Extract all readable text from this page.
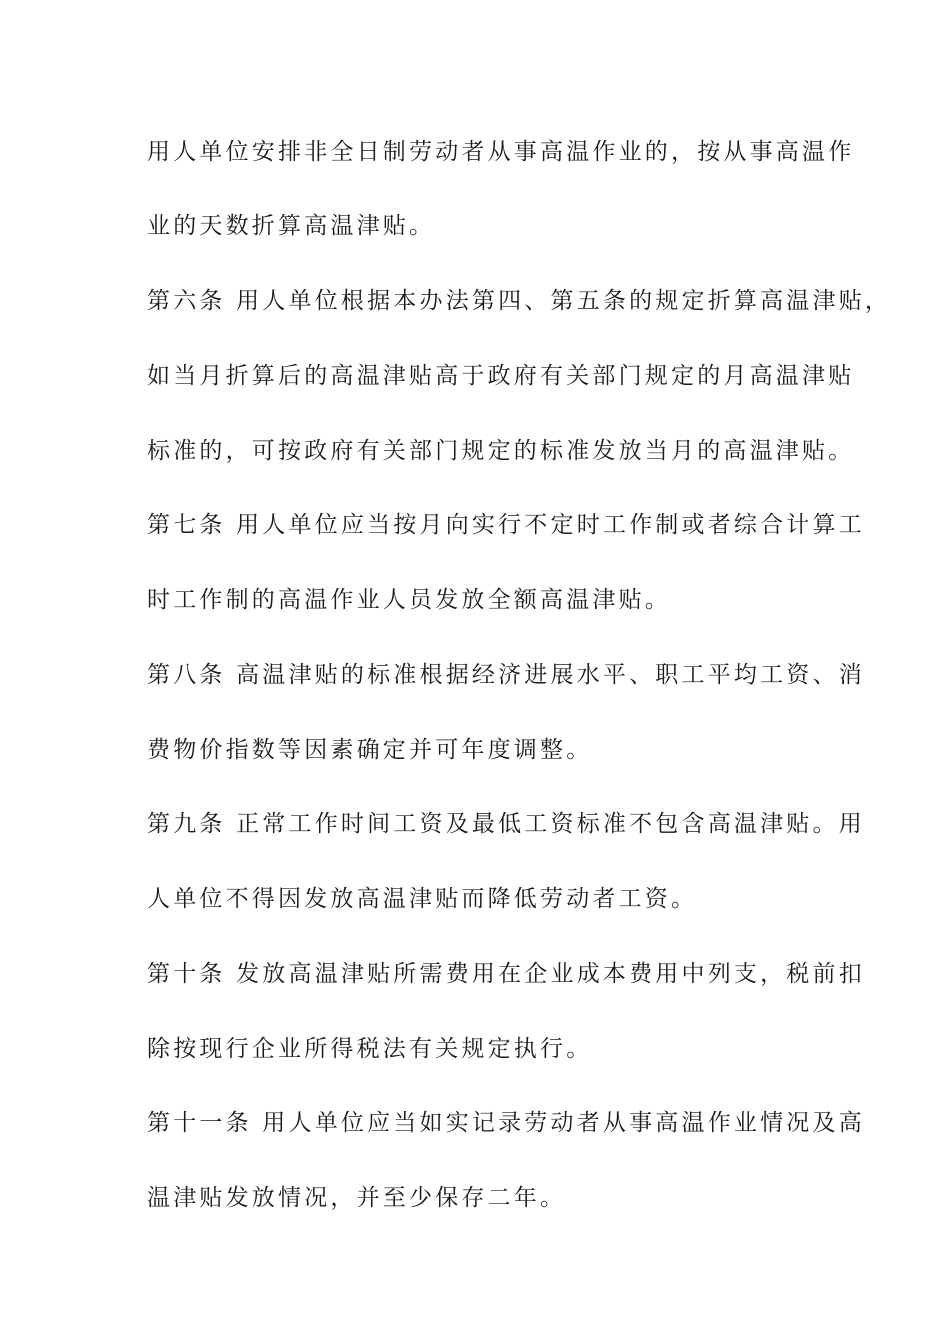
用人单位安排非全日制劳动者从事高温作业的，按从事高温作
业的天数折算高温津贴。
第六条 用人单位根据本办法第四、第五条的规定折算高温津贴，
如当月折算后的高温津贴高于政府有关部门规定的月高温津贴
标准的，可按政府有关部门规定的标准发放当月的高温津贴。
第七条 用人单位应当按月向实行不定时工作制或者综合计算工
时工作制的高温作业人员发放全额高温津贴。
第八条 高温津贴的标准根据经济进展水平、职工平均工资、消
费物价指数等因素确定并可年度调整。
第九条 正常工作时间工资及最低工资标准不包含高温津贴。用
人单位不得因发放高温津贴而降低劳动者工资。
第十条 发放高温津贴所需费用在企业成本费用中列支，税前扣
除按现行企业所得税法有关规定执行。
第十一条 用人单位应当如实记录劳动者从事高温作业情况及高
温津贴发放情况，并至少保存二年。
